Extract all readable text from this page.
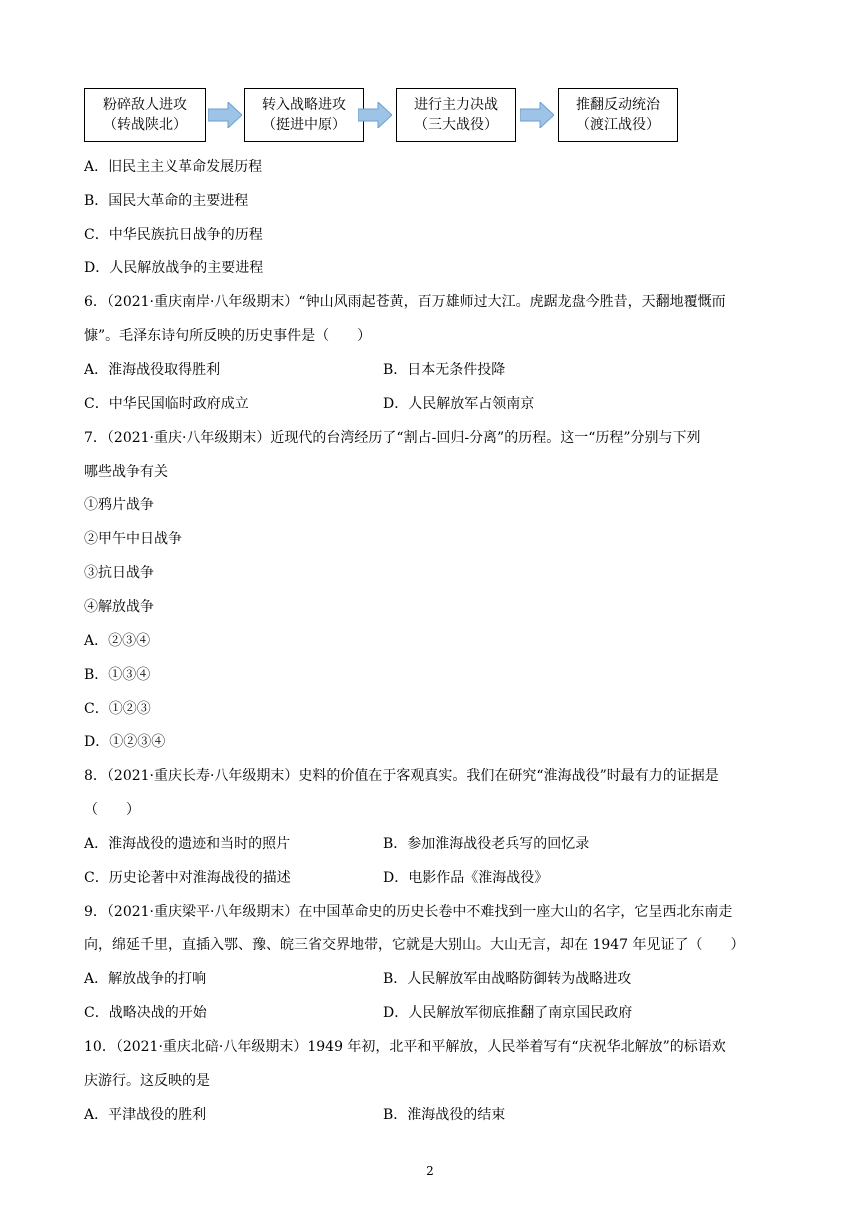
粉碎敌人进攻
（转战陕北）
转入战略进攻
（挺进中原）
进行主力决战
（三大战役）
推翻反动统治
（渡江战役）
A．旧民主主义革命发展历程
B．国民大革命的主要进程
C．中华民族抗日战争的历程
D．人民解放战争的主要进程
6．（2021·重庆南岸·八年级期末）“钟山风雨起苍黄，百万雄师过大江。虎踞龙盘今胜昔，天翻地覆慨而
慷”。毛泽东诗句所反映的历史事件是（　　）
A．淮海战役取得胜利	B．日本无条件投降
C．中华民国临时政府成立	D．人民解放军占领南京
7．（2021·重庆·八年级期末）近现代的台湾经历了“割占-回归-分离”的历程。这一“历程”分别与下列
哪些战争有关
①鸦片战争
②甲午中日战争
③抗日战争
④解放战争
A．②③④
B．①③④
C．①②③
D．①②③④
8．（2021·重庆长寿·八年级期末）史料的价值在于客观真实。我们在研究“淮海战役”时最有力的证据是
（　　）
A．淮海战役的遗迹和当时的照片	B．参加淮海战役老兵写的回忆录
C．历史论著中对淮海战役的描述	D．电影作品《淮海战役》
9．（2021·重庆梁平·八年级期末）在中国革命史的历史长卷中不难找到一座大山的名字，它呈西北东南走
向，绵延千里，直插入鄂、豫、皖三省交界地带，它就是大别山。大山无言，却在 1947 年见证了（　　）
A．解放战争的打响	B．人民解放军由战略防御转为战略进攻
C．战略决战的开始	D．人民解放军彻底推翻了南京国民政府
10．（2021·重庆北碚·八年级期末）1949 年初，北平和平解放，人民举着写有“庆祝华北解放”的标语欢
庆游行。这反映的是
A．平津战役的胜利	B．淮海战役的结束
2
